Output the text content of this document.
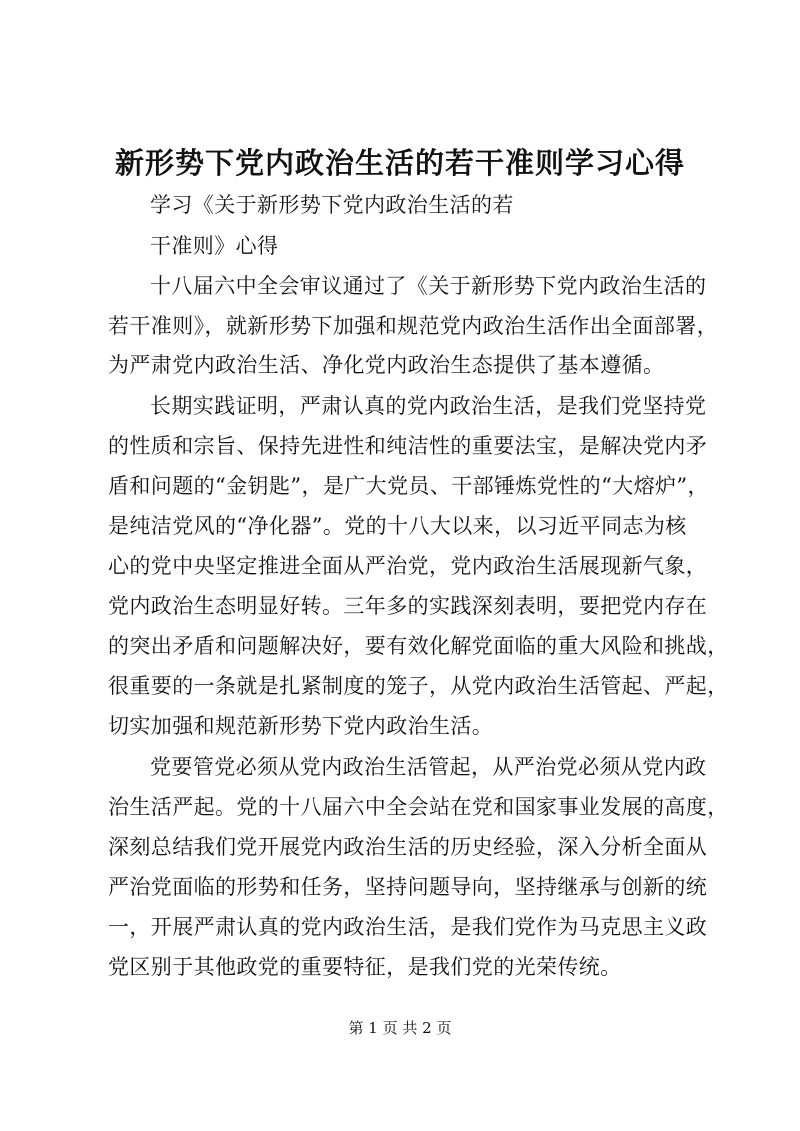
新形势下党内政治生活的若干准则学习心得
学习《关于新形势下党内政治生活的若
干准则》心得
十八届六中全会审议通过了《关于新形势下党内政治生活的
若干准则》，就新形势下加强和规范党内政治生活作出全面部署，
为严肃党内政治生活、净化党内政治生态提供了基本遵循。
长期实践证明，严肃认真的党内政治生活，是我们党坚持党
的性质和宗旨、保持先进性和纯洁性的重要法宝，是解决党内矛
盾和问题的“金钥匙”，是广大党员、干部锤炼党性的“大熔炉”，
是纯洁党风的“净化器”。党的十八大以来，以习近平同志为核
心的党中央坚定推进全面从严治党，党内政治生活展现新气象，
党内政治生态明显好转。三年多的实践深刻表明，要把党内存在
的突出矛盾和问题解决好，要有效化解党面临的重大风险和挑战，
很重要的一条就是扎紧制度的笼子，从党内政治生活管起、严起，
切实加强和规范新形势下党内政治生活。
党要管党必须从党内政治生活管起，从严治党必须从党内政
治生活严起。党的十八届六中全会站在党和国家事业发展的高度，
深刻总结我们党开展党内政治生活的历史经验，深入分析全面从
严治党面临的形势和任务，坚持问题导向，坚持继承与创新的统
一，开展严肃认真的党内政治生活，是我们党作为马克思主义政
党区别于其他政党的重要特征，是我们党的光荣传统。
第 1 页 共 2 页
